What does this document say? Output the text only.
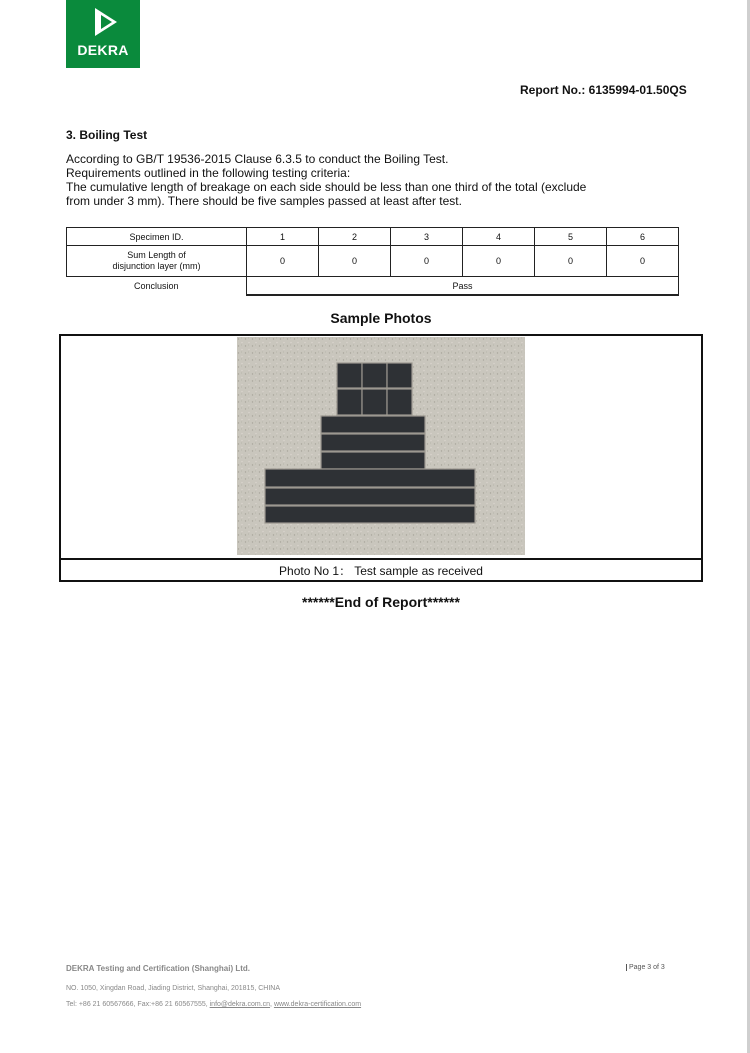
DEKRA
Report No.: 6135994-01.50QS
3. Boiling Test
According to GB/T 19536-2015 Clause 6.3.5 to conduct the Boiling Test.
Requirements outlined in the following testing criteria:
The cumulative length of breakage on each side should be less than one third of the total (exclude
from under 3 mm). There should be five samples passed at least after test.
Specimen ID.	1	2	3	4	5	6
Sum Length of
disjunction layer (mm)	0	0	0	0	0	0
Conclusion	Pass					
Sample Photos
Photo No 1： Test sample as received
******End of Report******
DEKRA Testing and Certification (Shanghai) Ltd.
NO. 1050, Xingdan Road, Jiading District, Shanghai, 201815, CHINA
Tel: +86 21 60567666, Fax:+86 21 60567555, info@dekra.com.cn, www.dekra-certification.com
Page 3 of 3
